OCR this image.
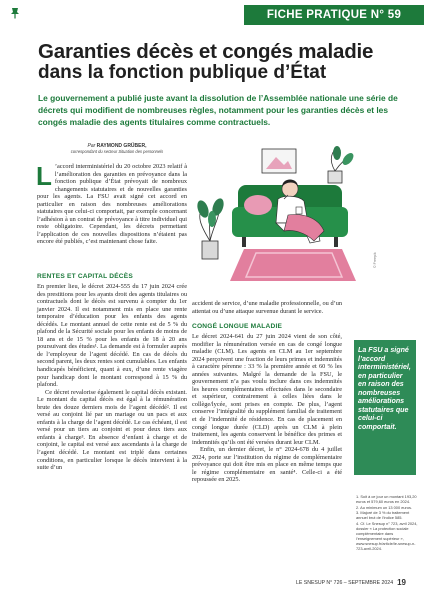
FICHE PRATIQUE N° 59
Garanties décès et congés maladie
dans la fonction publique d’État

Le gouvernement a publié juste avant la dissolution de l’Assemblée nationale une série de décrets qui modifient de nombreuses règles, notamment pour les garanties décès et les congés maladie des agents titulaires comme contractuels.

Par RAYMOND GRÜBER,
correspondant du secteur Situation des personnels
L ’accord interministériel du 20 octobre 2023 relatif à l’amélioration des garanties en prévoyance dans la fonction publique d’État prévoyait de nombreux changements statutaires et de nouvelles garanties pour les agents. La FSU avait signé cet accord en particulier en raison des nombreuses améliorations statutaires que celui-ci comportait, par exemple concernant l’adhésion à un contrat de prévoyance à titre individuel qui reste obligatoire. Cependant, les décrets permettant l’application de ces nouvelles dispositions n’étaient pas encore été publiés, c’est maintenant chose faite.

RENTES ET CAPITAL DÉCÈS

En premier lieu, le décret 2024-555 du 17 juin 2024 crée des prestitions pour les ayants droit des agents titulaires ou contractuels dont le décès est survenu à compter du 1er janvier 2024. Il est notamment mis en place une rente temporaire d’éducation pour les enfants des agents décédés. Le montant annuel de cette rente est de 5 % du plafond de la Sécurité sociale pour les enfants de moins de 18 ans et de 15 % pour les enfants de 18 à 20 ans poursuivant des études¹. La demande est à formuler auprès de l’employeur de l’agent décédé. En cas de décès du second parent, les deux rentes sont cumulables. Les enfants handicapés bénéficient, quant à eux, d’une rente viagère pour handicap dont le montant correspond à 15 % du plafond.

Ce décret revalorise également le capital décès existant. Le montant du capital décès est égal à la rémunération brute des douze derniers mois de l’agent décédé². Il est versé au conjoint lié par un mariage ou un pacs et aux enfants à la charge de l’agent décédé. Le cas échéant, il est versé pour un tiers au conjoint et pour deux tiers aux enfants à charge³. En absence d’enfant à charge et de conjoint, le capital est versé aux ascendants à la charge de l’agent décédé. Le montant est triplé dans certaines conditions, en particulier lorsque le décès intervient à la suite d’un

© Freepik

accident de service, d’une maladie professionnelle, ou d’un attentat ou d’une attaque survenue durant le service.

CONGÉ LONGUE MALADIE

Le décret 2024-641 du 27 juin 2024 vient de son côté, modifier la rémunération versée en cas de congé longue maladie (CLM). Les agents en CLM au 1er septembre 2024 perçoivent une fraction de leurs primes et indemnités à caractère pérenne : 33 % la première année et 60 % les années suivantes. Malgré la demande de la FSU, le gouvernement n’a pas voulu inclure dans ces indemnités les heures complémentaires effectuées dans le secondaire et supérieur, contrairement à celles liées dans le collège/lycée, sont prises en compte. De plus, l’agent conserve l’intégralité du supplément familial de traitement et de l’indemnité de résidence. En cas de placement en congé longue durée (CLD) après un CLM à plein traitement, les agents conservent le bénéfice des primes et indemnités qu’ils ont été versées durant leur CLM.

Enfin, un dernier décret, le n° 2024-678 du 4 juillet 2024, porte sur l’institution du régime de complémentaire prévoyance qui doit être mis en place en même temps que le régime complémentaire en santé⁴. Celle-ci a été repoussée en 2025.

La FSU a signé l’accord interministériel, en particulier en raison des nombreuses améliorations statutaires que celui-ci comportait.
1. Soit à ce jour un montant 193,20 euros et 579,60 euros en 2024.
2. Au minimum un 13 000 euros.
3. Majoré de 3 % du traitement annuel brut de l’indice 585.
4. Cf. Le Snesup n° 723, avril 2024, dossier « La protection sociale complémentaire dans l’enseignement supérieur », www.snesup.fr/article/le-snesup-n-723-avril-2024.
LE SNESUP N° 726 – SEPTEMBRE 2024 19
